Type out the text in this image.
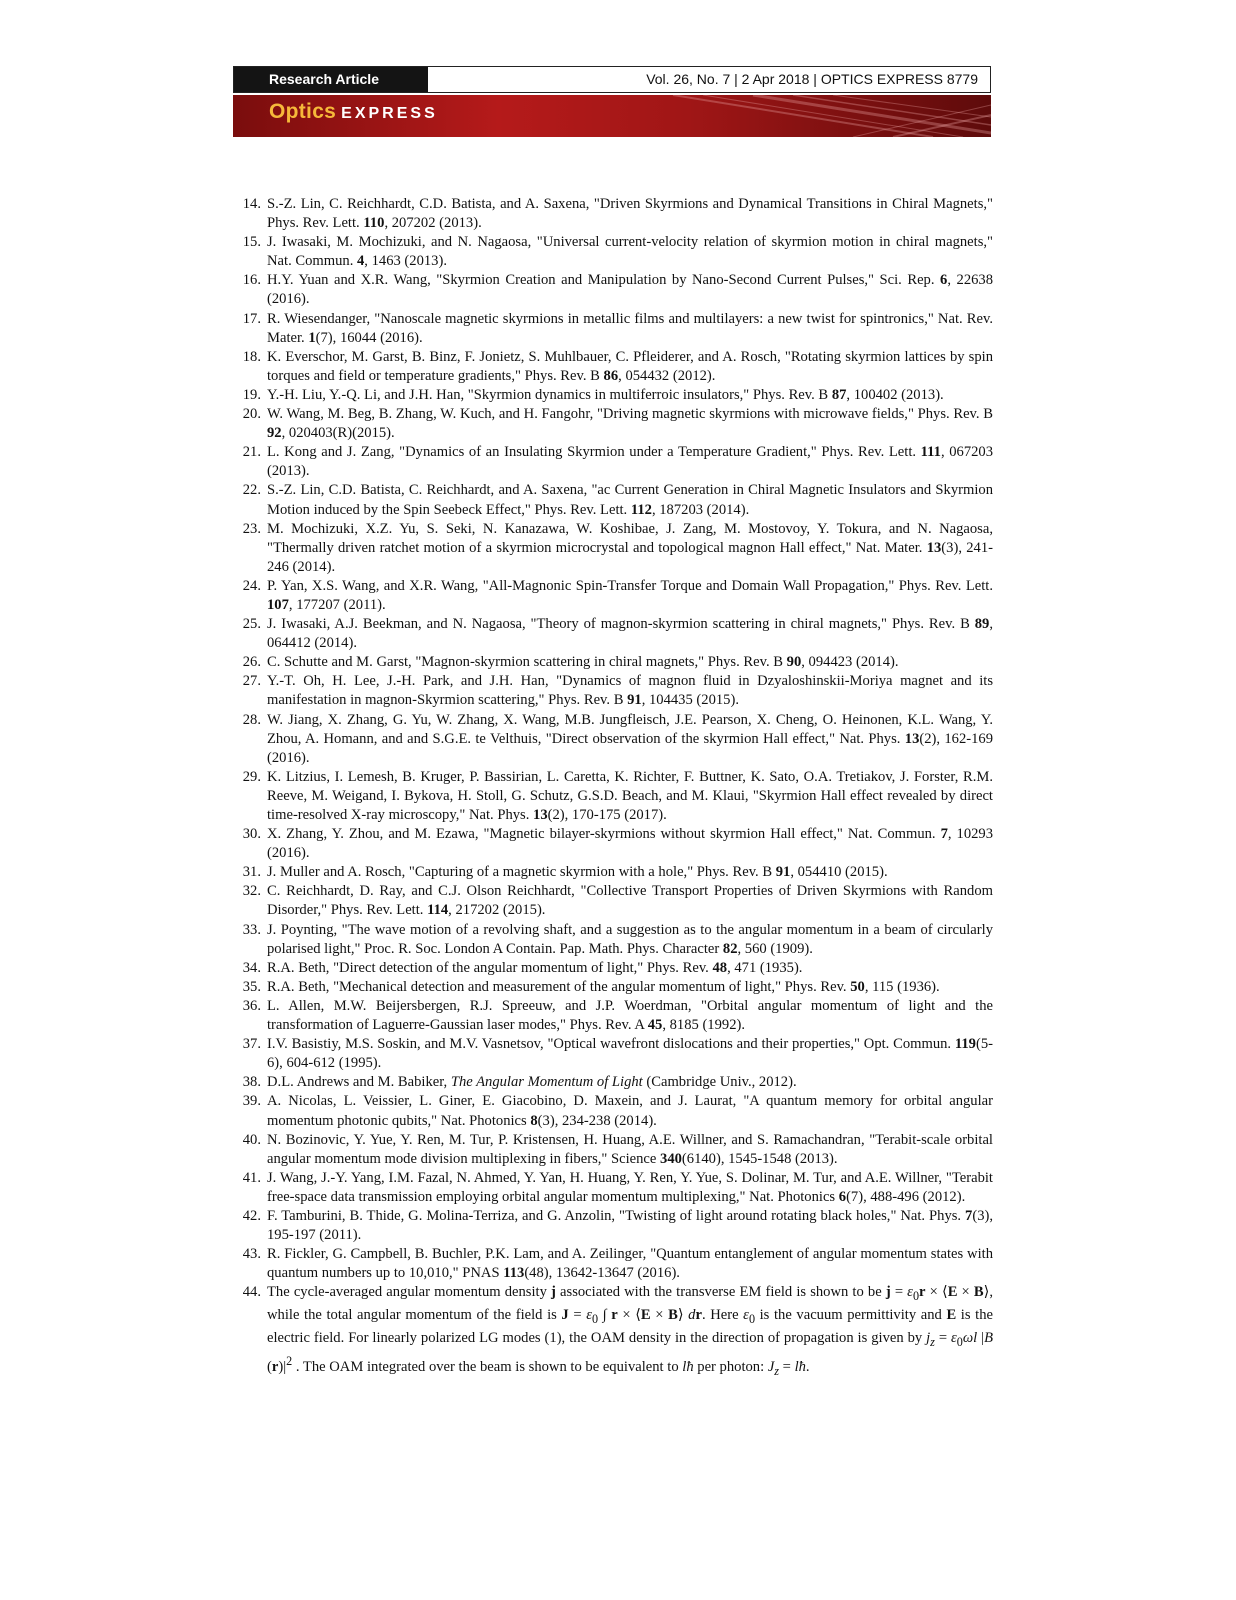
Research Article	Vol. 26, No. 7 | 2 Apr 2018 | OPTICS EXPRESS 8779
Optics EXPRESS
14. S.-Z. Lin, C. Reichhardt, C.D. Batista, and A. Saxena, "Driven Skyrmions and Dynamical Transitions in Chiral Magnets," Phys. Rev. Lett. 110, 207202 (2013).
15. J. Iwasaki, M. Mochizuki, and N. Nagaosa, "Universal current-velocity relation of skyrmion motion in chiral magnets," Nat. Commun. 4, 1463 (2013).
16. H.Y. Yuan and X.R. Wang, "Skyrmion Creation and Manipulation by Nano-Second Current Pulses," Sci. Rep. 6, 22638 (2016).
17. R. Wiesendanger, "Nanoscale magnetic skyrmions in metallic films and multilayers: a new twist for spintronics," Nat. Rev. Mater. 1(7), 16044 (2016).
18. K. Everschor, M. Garst, B. Binz, F. Jonietz, S. Muhlbauer, C. Pfleiderer, and A. Rosch, "Rotating skyrmion lattices by spin torques and field or temperature gradients," Phys. Rev. B 86, 054432 (2012).
19. Y.-H. Liu, Y.-Q. Li, and J.H. Han, "Skyrmion dynamics in multiferroic insulators," Phys. Rev. B 87, 100402 (2013).
20. W. Wang, M. Beg, B. Zhang, W. Kuch, and H. Fangohr, "Driving magnetic skyrmions with microwave fields," Phys. Rev. B 92, 020403(R)(2015).
21. L. Kong and J. Zang, "Dynamics of an Insulating Skyrmion under a Temperature Gradient," Phys. Rev. Lett. 111, 067203 (2013).
22. S.-Z. Lin, C.D. Batista, C. Reichhardt, and A. Saxena, "ac Current Generation in Chiral Magnetic Insulators and Skyrmion Motion induced by the Spin Seebeck Effect," Phys. Rev. Lett. 112, 187203 (2014).
23. M. Mochizuki, X.Z. Yu, S. Seki, N. Kanazawa, W. Koshibae, J. Zang, M. Mostovoy, Y. Tokura, and N. Nagaosa, "Thermally driven ratchet motion of a skyrmion microcrystal and topological magnon Hall effect," Nat. Mater. 13(3), 241-246 (2014).
24. P. Yan, X.S. Wang, and X.R. Wang, "All-Magnonic Spin-Transfer Torque and Domain Wall Propagation," Phys. Rev. Lett. 107, 177207 (2011).
25. J. Iwasaki, A.J. Beekman, and N. Nagaosa, "Theory of magnon-skyrmion scattering in chiral magnets," Phys. Rev. B 89, 064412 (2014).
26. C. Schutte and M. Garst, "Magnon-skyrmion scattering in chiral magnets," Phys. Rev. B 90, 094423 (2014).
27. Y.-T. Oh, H. Lee, J.-H. Park, and J.H. Han, "Dynamics of magnon fluid in Dzyaloshinskii-Moriya magnet and its manifestation in magnon-Skyrmion scattering," Phys. Rev. B 91, 104435 (2015).
28. W. Jiang, X. Zhang, G. Yu, W. Zhang, X. Wang, M.B. Jungfleisch, J.E. Pearson, X. Cheng, O. Heinonen, K.L. Wang, Y. Zhou, A. Homann, and and S.G.E. te Velthuis, "Direct observation of the skyrmion Hall effect," Nat. Phys. 13(2), 162-169 (2016).
29. K. Litzius, I. Lemesh, B. Kruger, P. Bassirian, L. Caretta, K. Richter, F. Buttner, K. Sato, O.A. Tretiakov, J. Forster, R.M. Reeve, M. Weigand, I. Bykova, H. Stoll, G. Schutz, G.S.D. Beach, and M. Klaui, "Skyrmion Hall effect revealed by direct time-resolved X-ray microscopy," Nat. Phys. 13(2), 170-175 (2017).
30. X. Zhang, Y. Zhou, and M. Ezawa, "Magnetic bilayer-skyrmions without skyrmion Hall effect," Nat. Commun. 7, 10293 (2016).
31. J. Muller and A. Rosch, "Capturing of a magnetic skyrmion with a hole," Phys. Rev. B 91, 054410 (2015).
32. C. Reichhardt, D. Ray, and C.J. Olson Reichhardt, "Collective Transport Properties of Driven Skyrmions with Random Disorder," Phys. Rev. Lett. 114, 217202 (2015).
33. J. Poynting, "The wave motion of a revolving shaft, and a suggestion as to the angular momentum in a beam of circularly polarised light," Proc. R. Soc. London A Contain. Pap. Math. Phys. Character 82, 560 (1909).
34. R.A. Beth, "Direct detection of the angular momentum of light," Phys. Rev. 48, 471 (1935).
35. R.A. Beth, "Mechanical detection and measurement of the angular momentum of light," Phys. Rev. 50, 115 (1936).
36. L. Allen, M.W. Beijersbergen, R.J. Spreeuw, and J.P. Woerdman, "Orbital angular momentum of light and the transformation of Laguerre-Gaussian laser modes," Phys. Rev. A 45, 8185 (1992).
37. I.V. Basistiy, M.S. Soskin, and M.V. Vasnetsov, "Optical wavefront dislocations and their properties," Opt. Commun. 119(5-6), 604-612 (1995).
38. D.L. Andrews and M. Babiker, The Angular Momentum of Light (Cambridge Univ., 2012).
39. A. Nicolas, L. Veissier, L. Giner, E. Giacobino, D. Maxein, and J. Laurat, "A quantum memory for orbital angular momentum photonic qubits," Nat. Photonics 8(3), 234-238 (2014).
40. N. Bozinovic, Y. Yue, Y. Ren, M. Tur, P. Kristensen, H. Huang, A.E. Willner, and S. Ramachandran, "Terabit-scale orbital angular momentum mode division multiplexing in fibers," Science 340(6140), 1545-1548 (2013).
41. J. Wang, J.-Y. Yang, I.M. Fazal, N. Ahmed, Y. Yan, H. Huang, Y. Ren, Y. Yue, S. Dolinar, M. Tur, and A.E. Willner, "Terabit free-space data transmission employing orbital angular momentum multiplexing," Nat. Photonics 6(7), 488-496 (2012).
42. F. Tamburini, B. Thide, G. Molina-Terriza, and G. Anzolin, "Twisting of light around rotating black holes," Nat. Phys. 7(3), 195-197 (2011).
43. R. Fickler, G. Campbell, B. Buchler, P.K. Lam, and A. Zeilinger, "Quantum entanglement of angular momentum states with quantum numbers up to 10,010," PNAS 113(48), 13642-13647 (2016).
44. The cycle-averaged angular momentum density j associated with the transverse EM field is shown to be $j = \varepsilon_0r$ × ⟨E × B⟩, while the total angular momentum of the field is $J = \varepsilon_0$ ∫ r × ⟨E × B⟩ dr. Here $\varepsilon_0$ is the vacuum permittivity and E is the electric field. For linearly polarized LG modes (1), the OAM density in the direction of propagation is given by $j_z = \varepsilon_0\omega l$ |B $(r)|^2$ . The OAM integrated over the beam is shown to be equivalent to lħ per photon: $J_z$ = lħ.
